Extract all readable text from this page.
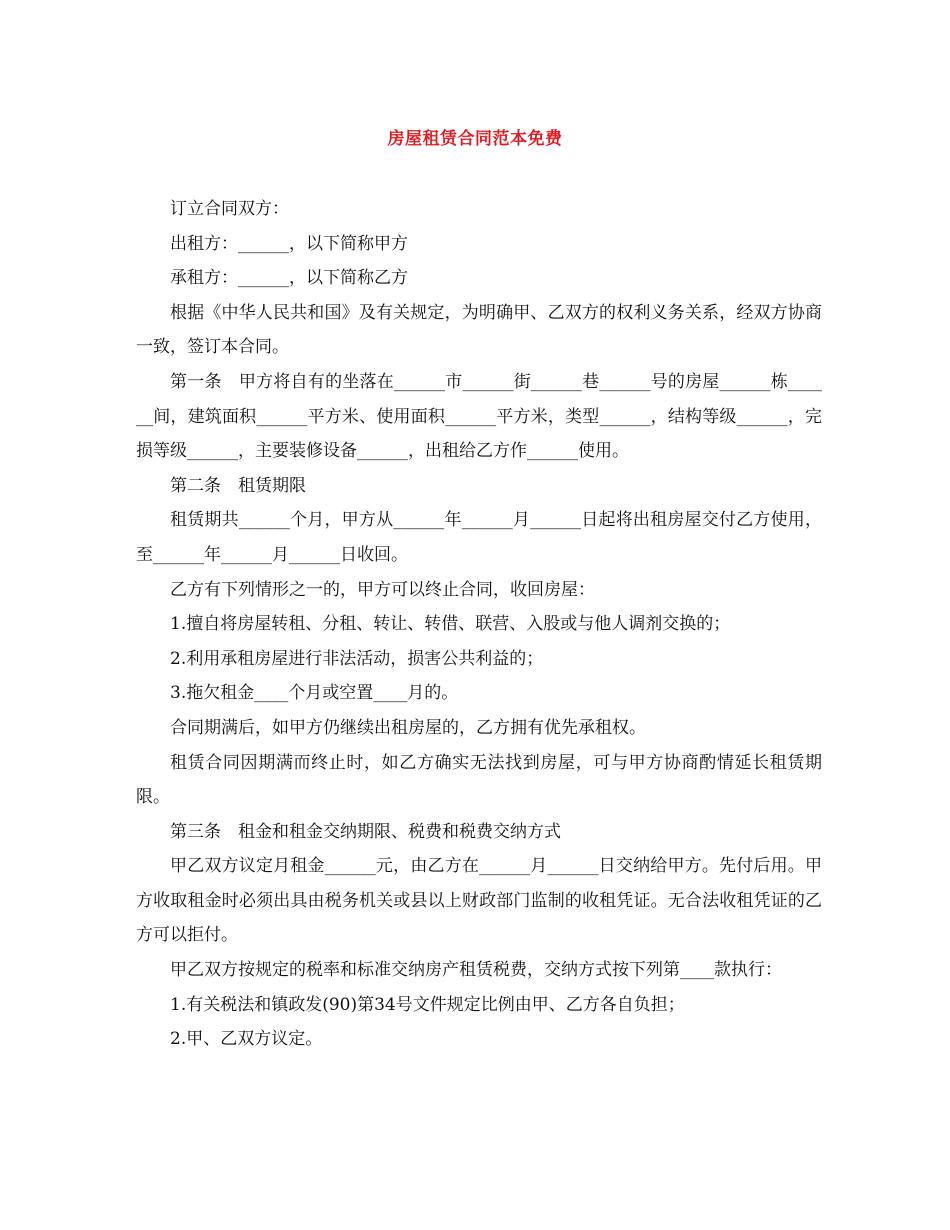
房屋租赁合同范本免费

订立合同双方：

出租方：______，以下简称甲方

承租方：______，以下简称乙方

根据《中华人民共和国》及有关规定，为明确甲、乙双方的权利义务关系，经双方协商一致，签订本合同。

第一条　甲方将自有的坐落在______市______街______巷______号的房屋______栋______间，建筑面积______平方米、使用面积______平方米，类型______，结构等级______，完损等级______，主要装修设备______，出租给乙方作______使用。

第二条　租赁期限

租赁期共______个月，甲方从______年______月______日起将出租房屋交付乙方使用，至______年______月______日收回。

乙方有下列情形之一的，甲方可以终止合同，收回房屋：

1.擅自将房屋转租、分租、转让、转借、联营、入股或与他人调剂交换的；

2.利用承租房屋进行非法活动，损害公共利益的；

3.拖欠租金____个月或空置____月的。

合同期满后，如甲方仍继续出租房屋的，乙方拥有优先承租权。

租赁合同因期满而终止时，如乙方确实无法找到房屋，可与甲方协商酌情延长租赁期限。

第三条　租金和租金交纳期限、税费和税费交纳方式

甲乙双方议定月租金______元，由乙方在______月______日交纳给甲方。先付后用。甲方收取租金时必须出具由税务机关或县以上财政部门监制的收租凭证。无合法收租凭证的乙方可以拒付。

甲乙双方按规定的税率和标准交纳房产租赁税费，交纳方式按下列第____款执行：

1.有关税法和镇政发(90)第34号文件规定比例由甲、乙方各自负担；

2.甲、乙双方议定。
